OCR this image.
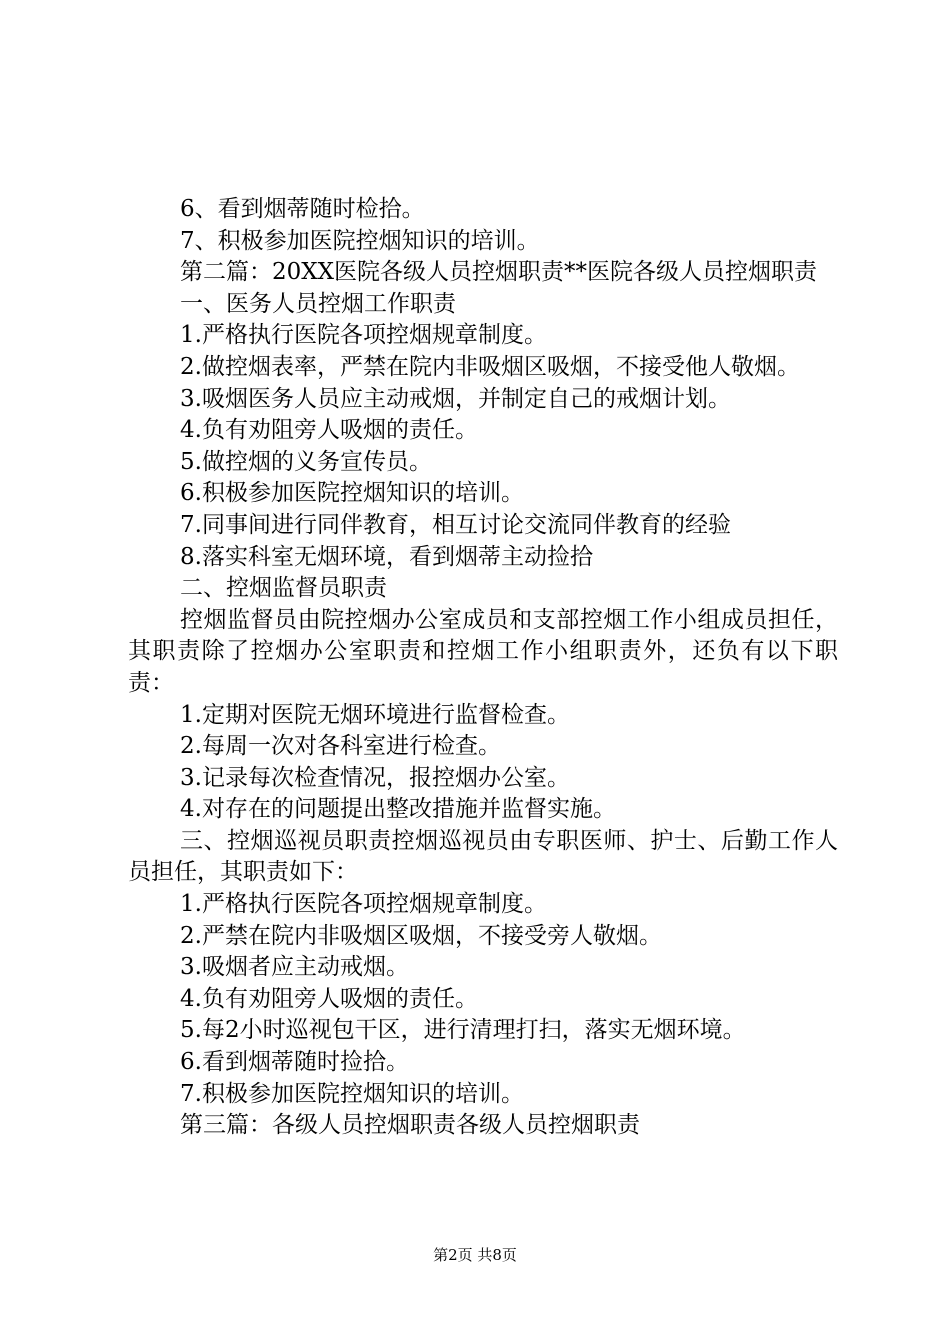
6、看到烟蒂随时检拾。

7、积极参加医院控烟知识的培训。

第二篇：20XX医院各级人员控烟职责**医院各级人员控烟职责

一、医务人员控烟工作职责

1.严格执行医院各项控烟规章制度。

2.做控烟表率，严禁在院内非吸烟区吸烟，不接受他人敬烟。

3.吸烟医务人员应主动戒烟，并制定自己的戒烟计划。

4.负有劝阻旁人吸烟的责任。

5.做控烟的义务宣传员。

6.积极参加医院控烟知识的培训。

7.同事间进行同伴教育，相互讨论交流同伴教育的经验

8.落实科室无烟环境，看到烟蒂主动捡拾

二、控烟监督员职责

控烟监督员由院控烟办公室成员和支部控烟工作小组成员担任，其职责除了控烟办公室职责和控烟工作小组职责外，还负有以下职责：

1.定期对医院无烟环境进行监督检查。

2.每周一次对各科室进行检查。

3.记录每次检查情况，报控烟办公室。

4.对存在的问题提出整改措施并监督实施。

三、控烟巡视员职责控烟巡视员由专职医师、护士、后勤工作人员担任，其职责如下：

1.严格执行医院各项控烟规章制度。

2.严禁在院内非吸烟区吸烟，不接受旁人敬烟。

3.吸烟者应主动戒烟。

4.负有劝阻旁人吸烟的责任。

5.每2小时巡视包干区，进行清理打扫，落实无烟环境。

6.看到烟蒂随时捡拾。

7.积极参加医院控烟知识的培训。

第三篇：各级人员控烟职责各级人员控烟职责

第2页 共8页
